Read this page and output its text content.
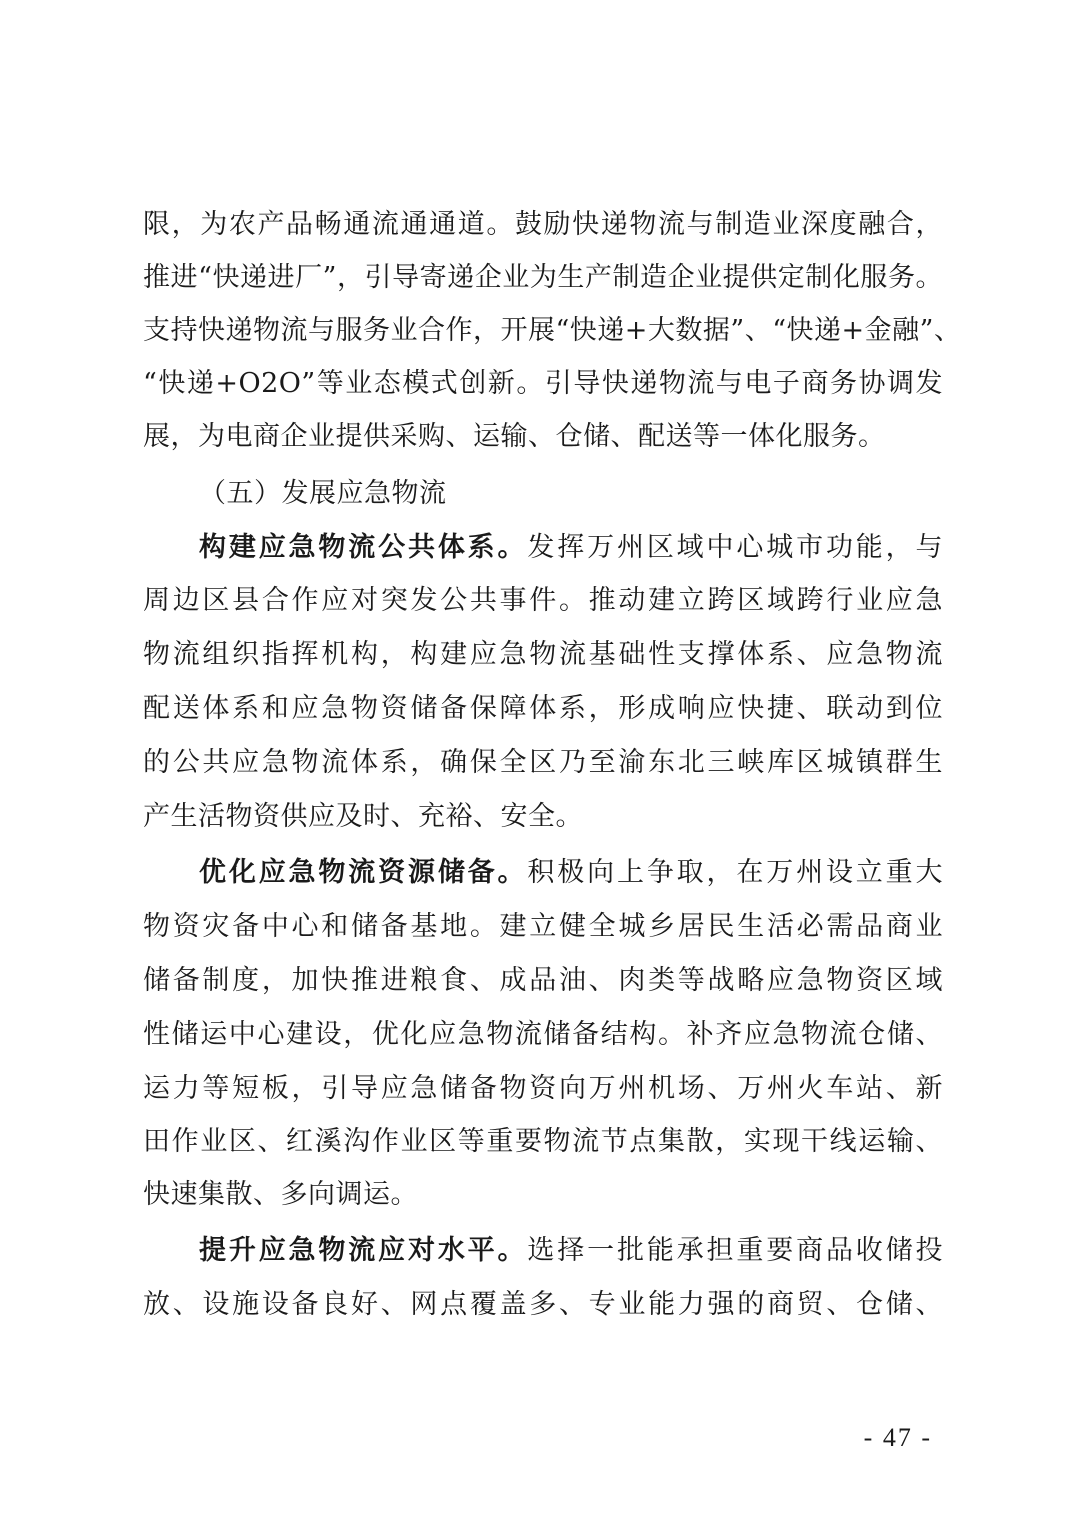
限，为农产品畅通流通通道。鼓励快递物流与制造业深度融合，
推进“快递进厂”，引导寄递企业为生产制造企业提供定制化服务。
支持快递物流与服务业合作，开展“快递+大数据”、“快递+金融”、
“快递+O2O”等业态模式创新。引导快递物流与电子商务协调发
展，为电商企业提供采购、运输、仓储、配送等一体化服务。
（五）发展应急物流
构建应急物流公共体系。发挥万州区域中心城市功能，与
周边区县合作应对突发公共事件。推动建立跨区域跨行业应急
物流组织指挥机构，构建应急物流基础性支撑体系、应急物流
配送体系和应急物资储备保障体系，形成响应快捷、联动到位
的公共应急物流体系，确保全区乃至渝东北三峡库区城镇群生
产生活物资供应及时、充裕、安全。
优化应急物流资源储备。积极向上争取，在万州设立重大
物资灾备中心和储备基地。建立健全城乡居民生活必需品商业
储备制度，加快推进粮食、成品油、肉类等战略应急物资区域
性储运中心建设，优化应急物流储备结构。补齐应急物流仓储、
运力等短板，引导应急储备物资向万州机场、万州火车站、新
田作业区、红溪沟作业区等重要物流节点集散，实现干线运输、
快速集散、多向调运。
提升应急物流应对水平。选择一批能承担重要商品收储投
放、设施设备良好、网点覆盖多、专业能力强的商贸、仓储、
- 47 -
